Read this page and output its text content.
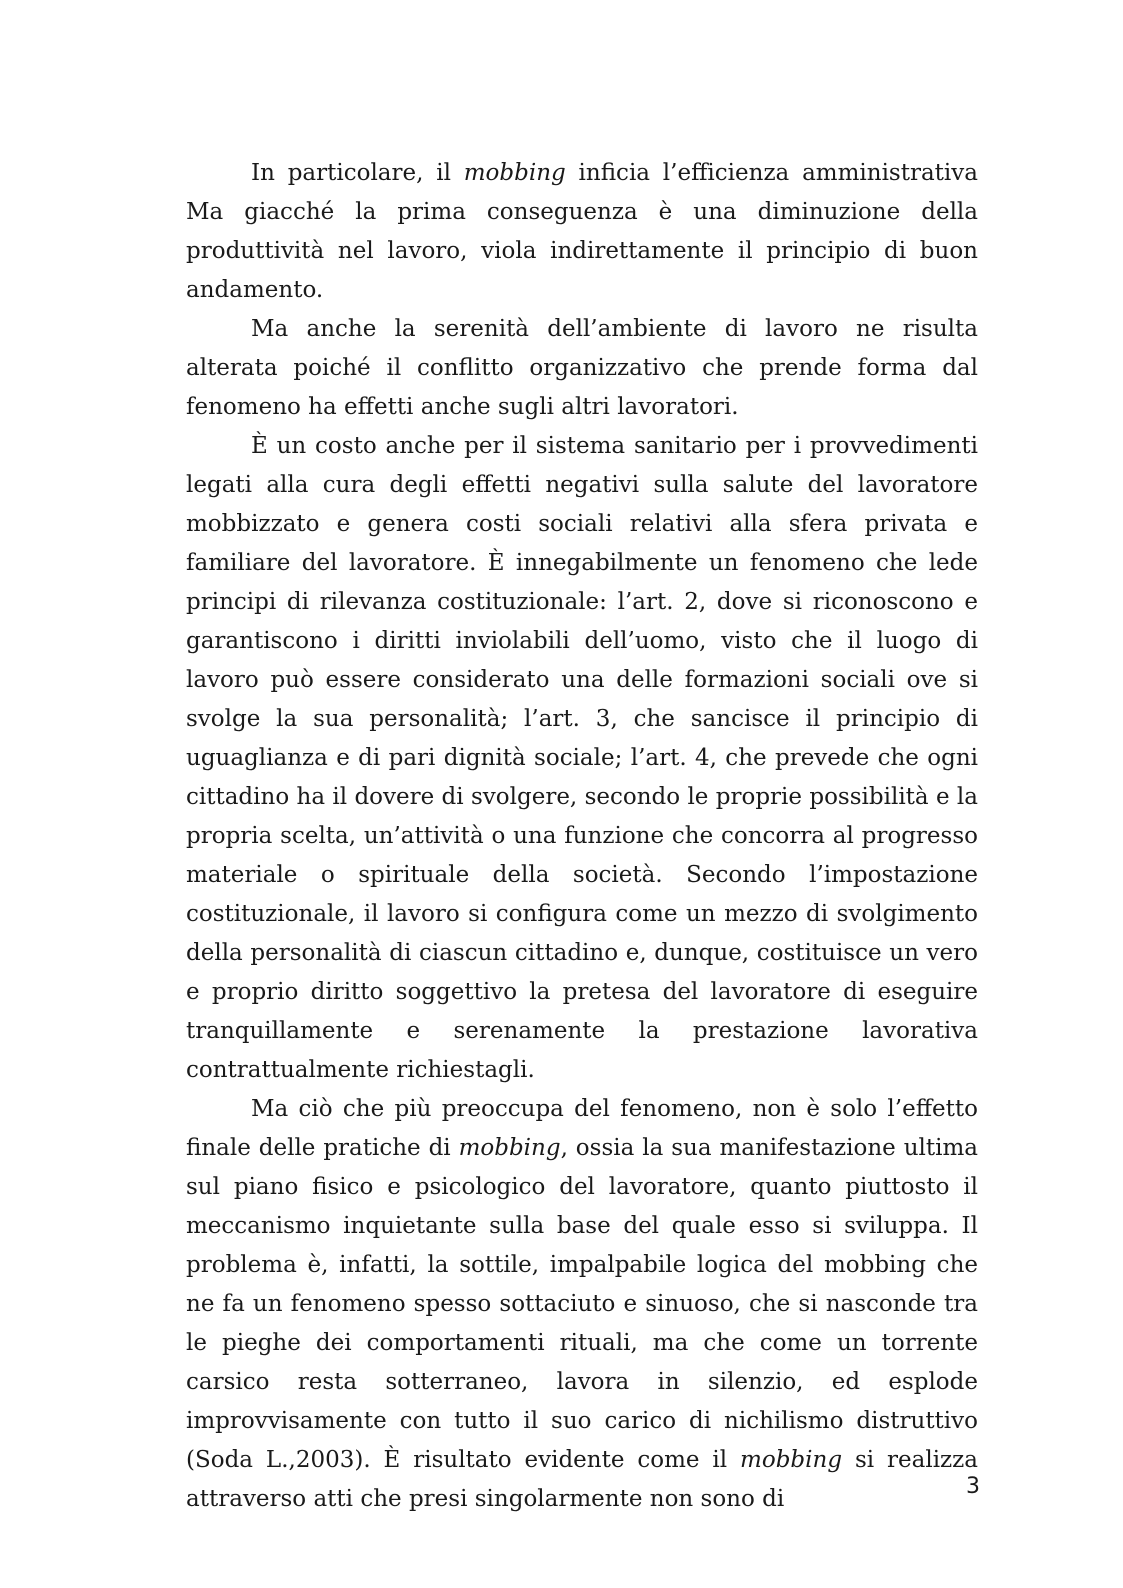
In particolare, il mobbing inficia l’efficienza amministrativa Ma giacché la prima conseguenza è una diminuzione della produttività nel lavoro, viola indirettamente il principio di buon andamento.

Ma anche la serenità dell’ambiente di lavoro ne risulta alterata poiché il conflitto organizzativo che prende forma dal fenomeno ha effetti anche sugli altri lavoratori.

È un costo anche per il sistema sanitario per i provvedimenti legati alla cura degli effetti negativi sulla salute del lavoratore mobbizzato e genera costi sociali relativi alla sfera privata e familiare del lavoratore. È innegabilmente un fenomeno che lede principi di rilevanza costituzionale: l’art. 2, dove si riconoscono e garantiscono i diritti inviolabili dell’uomo, visto che il luogo di lavoro può essere considerato una delle formazioni sociali ove si svolge la sua personalità; l’art. 3, che sancisce il principio di uguaglianza e di pari dignità sociale; l’art. 4, che prevede che ogni cittadino ha il dovere di svolgere, secondo le proprie possibilità e la propria scelta, un’attività o una funzione che concorra al progresso materiale o spirituale della società. Secondo l’impostazione costituzionale, il lavoro si configura come un mezzo di svolgimento della personalità di ciascun cittadino e, dunque, costituisce un vero e proprio diritto soggettivo la pretesa del lavoratore di eseguire tranquillamente e serenamente la prestazione lavorativa contrattualmente richiestagli.

Ma ciò che più preoccupa del fenomeno, non è solo l’effetto finale delle pratiche di mobbing, ossia la sua manifestazione ultima sul piano fisico e psicologico del lavoratore, quanto piuttosto il meccanismo inquietante sulla base del quale esso si sviluppa. Il problema è, infatti, la sottile, impalpabile logica del mobbing che ne fa un fenomeno spesso sottaciuto e sinuoso, che si nasconde tra le pieghe dei comportamenti rituali, ma che come un torrente carsico resta sotterraneo, lavora in silenzio, ed esplode improvvisamente con tutto il suo carico di nichilismo distruttivo (Soda L.,2003). È risultato evidente come il mobbing si realizza attraverso atti che presi singolarmente non sono di	3
